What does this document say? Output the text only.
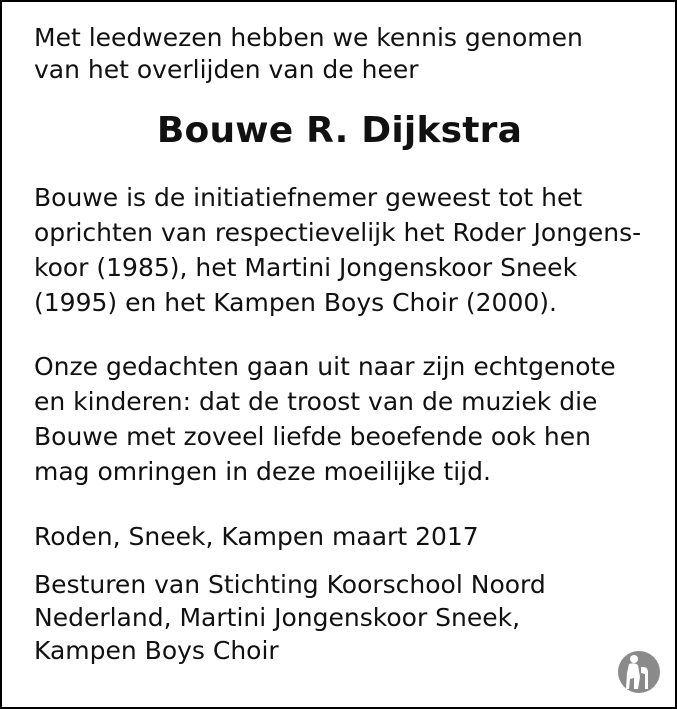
Met leedwezen hebben we kennis genomen

van het overlijden van de heer

Bouwe R. Dijkstra
Bouwe is de initiatiefnemer geweest tot het
oprichten van respectievelijk het Roder Jongens-
koor (1985), het Martini Jongenskoor Sneek
(1995) en het Kampen Boys Choir (2000).
Onze gedachten gaan uit naar zijn echtgenote
en kinderen: dat de troost van de muziek die
Bouwe met zoveel liefde beoefende ook hen
mag omringen in deze moeilijke tijd.
Roden, Sneek, Kampen maart 2017
Besturen van Stichting Koorschool Noord
Nederland, Martini Jongenskoor Sneek,
Kampen Boys Choir
